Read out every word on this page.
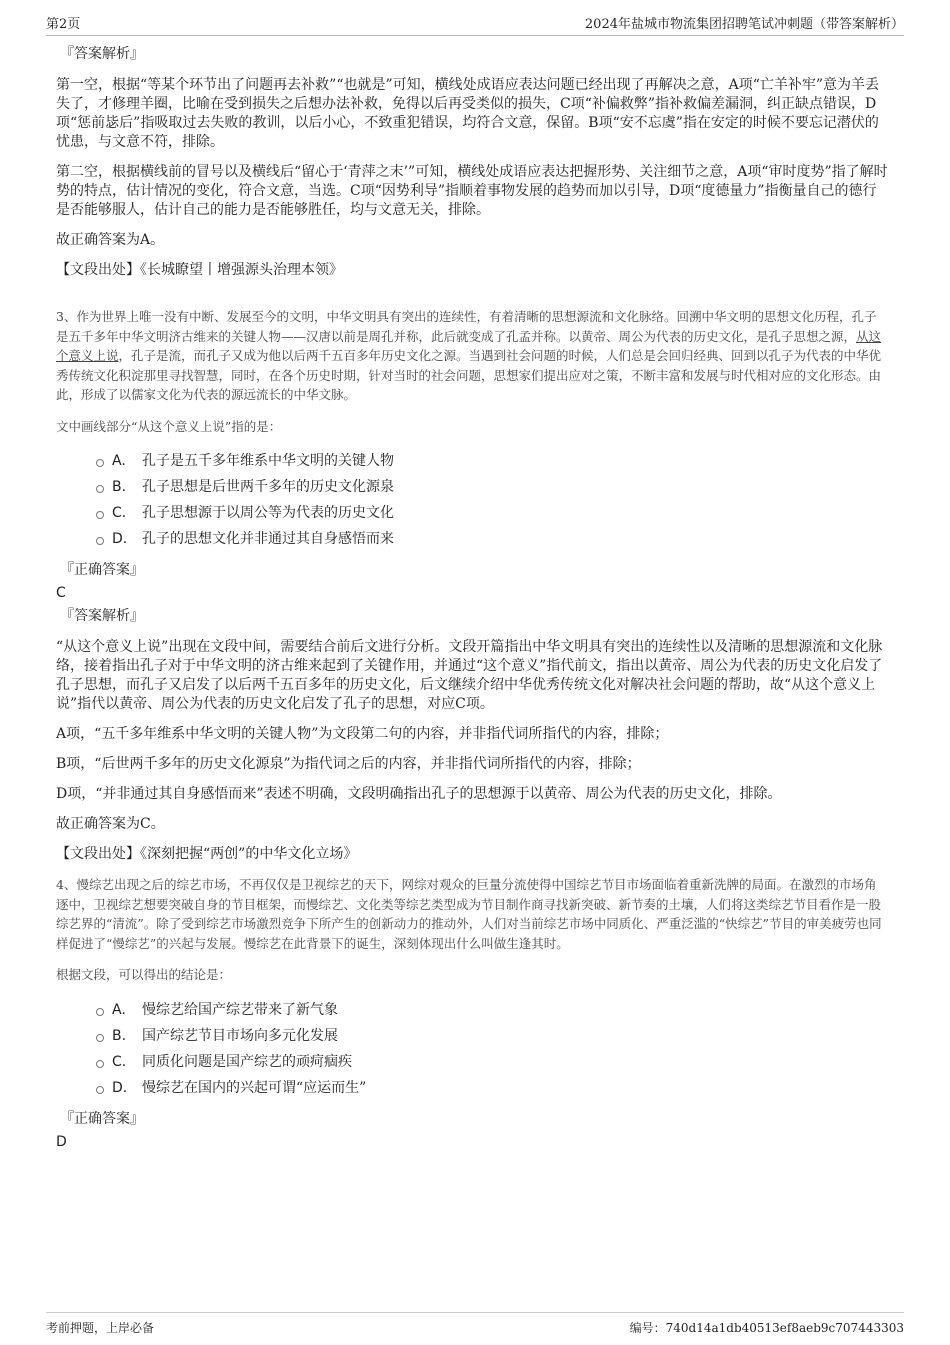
第2页	2024年盐城市物流集团招聘笔试冲刺题（带答案解析）
『答案解析』

第一空，根据“等某个环节出了问题再去补救”“也就是”可知，横线处成语应表达问题已经出现了再解决之意，A项“亡羊补牢”意为羊丢失了，才修理羊圈，比喻在受到损失之后想办法补救，免得以后再受类似的损失，C项“补偏救弊”指补救偏差漏洞，纠正缺点错误，D项“惩前毖后”指吸取过去失败的教训，以后小心，不致重犯错误，均符合文意，保留。B项“安不忘虞”指在安定的时候不要忘记潜伏的忧患，与文意不符，排除。

第二空，根据横线前的冒号以及横线后“留心于‘青萍之末’”可知，横线处成语应表达把握形势、关注细节之意，A项“审时度势”指了解时势的特点，估计情况的变化，符合文意，当选。C项“因势利导”指顺着事物发展的趋势而加以引导，D项“度德量力”指衡量自己的德行是否能够服人，估计自己的能力是否能够胜任，均与文意无关，排除。

故正确答案为A。

【文段出处】《长城瞭望丨增强源头治理本领》

3、作为世界上唯一没有中断、发展至今的文明，中华文明具有突出的连续性，有着清晰的思想源流和文化脉络。回溯中华文明的思想文化历程，孔子是五千多年中华文明济古维来的关键人物——汉唐以前是周孔并称，此后就变成了孔孟并称。以黄帝、周公为代表的历史文化，是孔子思想之源，从这个意义上说，孔子是流，而孔子又成为他以后两千五百多年历史文化之源。当遇到社会问题的时候，人们总是会回归经典、回到以孔子为代表的中华优秀传统文化积淀那里寻找智慧，同时，在各个历史时期，针对当时的社会问题，思想家们提出应对之策，不断丰富和发展与时代相对应的文化形态。由此，形成了以儒家文化为代表的源远流长的中华文脉。

文中画线部分“从这个意义上说”指的是：

A.	孔子是五千多年维系中华文明的关键人物
B.	孔子思想是后世两千多年的历史文化源泉
C.	孔子思想源于以周公等为代表的历史文化
D.	孔子的思想文化并非通过其自身感悟而来
『正确答案』
C
『答案解析』

“从这个意义上说”出现在文段中间，需要结合前后文进行分析。文段开篇指出中华文明具有突出的连续性以及清晰的思想源流和文化脉络，接着指出孔子对于中华文明的济古维来起到了关键作用，并通过“这个意义”指代前文，指出以黄帝、周公为代表的历史文化启发了孔子思想，而孔子又启发了以后两千五百多年的历史文化，后文继续介绍中华优秀传统文化对解决社会问题的帮助，故“从这个意义上说”指代以黄帝、周公为代表的历史文化启发了孔子的思想，对应C项。

A项，“五千多年维系中华文明的关键人物”为文段第二句的内容，并非指代词所指代的内容，排除；

B项，“后世两千多年的历史文化源泉”为指代词之后的内容，并非指代词所指代的内容，排除；

D项，“并非通过其自身感悟而来”表述不明确，文段明确指出孔子的思想源于以黄帝、周公为代表的历史文化，排除。

故正确答案为C。

【文段出处】《深刻把握“两创”的中华文化立场》

4、慢综艺出现之后的综艺市场，不再仅仅是卫视综艺的天下，网综对观众的巨量分流使得中国综艺节目市场面临着重新洗牌的局面。在激烈的市场角逐中，卫视综艺想要突破自身的节目框架，而慢综艺、文化类等综艺类型成为节目制作商寻找新突破、新节奏的土壤，人们将这类综艺节目看作是一股综艺界的“清流”。除了受到综艺市场激烈竞争下所产生的创新动力的推动外，人们对当前综艺市场中同质化、严重泛滥的“快综艺”节目的审美疲劳也同样促进了“慢综艺”的兴起与发展。慢综艺在此背景下的诞生，深刻体现出什么叫做生逢其时。

根据文段，可以得出的结论是：

A.	慢综艺给国产综艺带来了新气象
B.	国产综艺节目市场向多元化发展
C.	同质化问题是国产综艺的顽疴痼疾
D.	慢综艺在国内的兴起可谓“应运而生”
『正确答案』
D
考前押题，上岸必备	编号：740d14a1db40513ef8aeb9c707443303
